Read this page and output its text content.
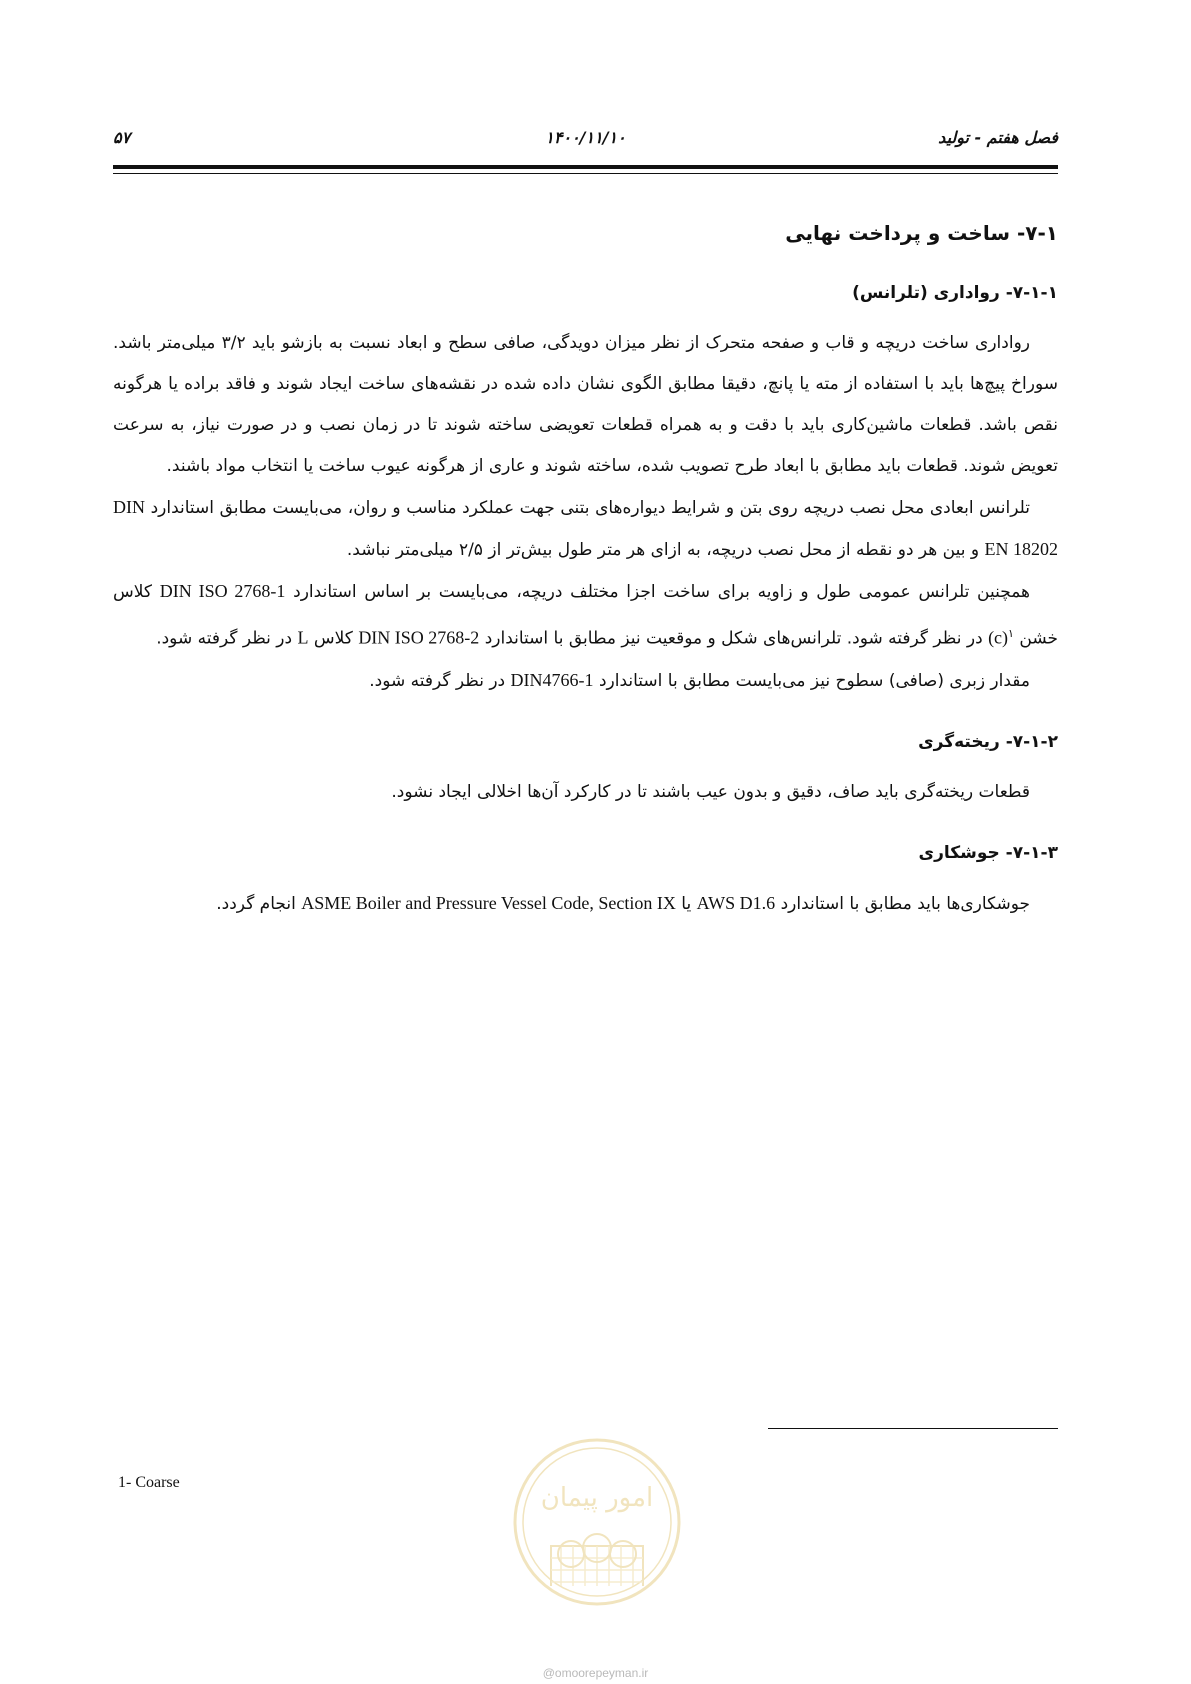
فصل هفتم - تولید
۱۴۰۰/۱۱/۱۰
۵۷
۷-۱- ساخت و پرداخت نهایی
۷-۱-۱- رواداری (تلرانس)

رواداری ساخت دریچه و قاب و صفحه متحرک از نظر میزان دویدگی، صافی سطح و ابعاد نسبت به بازشو باید ۳/۲ میلی‌متر باشد. سوراخ پیچ‌ها باید با استفاده از مته یا پانچ، دقیقا مطابق الگوی نشان داده شده در نقشه‌های ساخت ایجاد شوند و فاقد براده یا هرگونه نقص باشد. قطعات ماشین‌کاری باید با دقت و به همراه قطعات تعویضی ساخته شوند تا در زمان نصب و در صورت نیاز، به سرعت تعویض شوند. قطعات باید مطابق با ابعاد طرح تصویب شده، ساخته شوند و عاری از هرگونه عیوب ساخت یا انتخاب مواد باشند.

تلرانس ابعادی محل نصب دریچه روی بتن و شرایط دیواره‌های بتنی جهت عملکرد مناسب و روان، می‌بایست مطابق استاندارد DIN EN 18202 و بین هر دو نقطه از محل نصب دریچه، به ازای هر متر طول بیش‌تر از ۲/۵ میلی‌متر نباشد.

همچنین تلرانس عمومی طول و زاویه برای ساخت اجزا مختلف دریچه، می‌بایست بر اساس استاندارد DIN ISO 2768-1 کلاس خشن $(c)^۱$ در نظر گرفته شود. تلرانس‌های شکل و موقعیت نیز مطابق با استاندارد DIN ISO 2768-2 کلاس L در نظر گرفته شود.

مقدار زبری (صافی) سطوح نیز می‌بایست مطابق با استاندارد DIN4766-1 در نظر گرفته شود.

۷-۱-۲- ریخته‌گری

قطعات ریخته‌گری باید صاف، دقیق و بدون عیب باشند تا در کارکرد آن‌ها اخلالی ایجاد نشود.

۷-۱-۳- جوشکاری

جوشکاری‌ها باید مطابق با استاندارد AWS D1.6 یا ASME Boiler and Pressure Vessel Code, Section IX انجام گردد.

1- Coarse
امور پیمان
@omoorepeyman.ir
